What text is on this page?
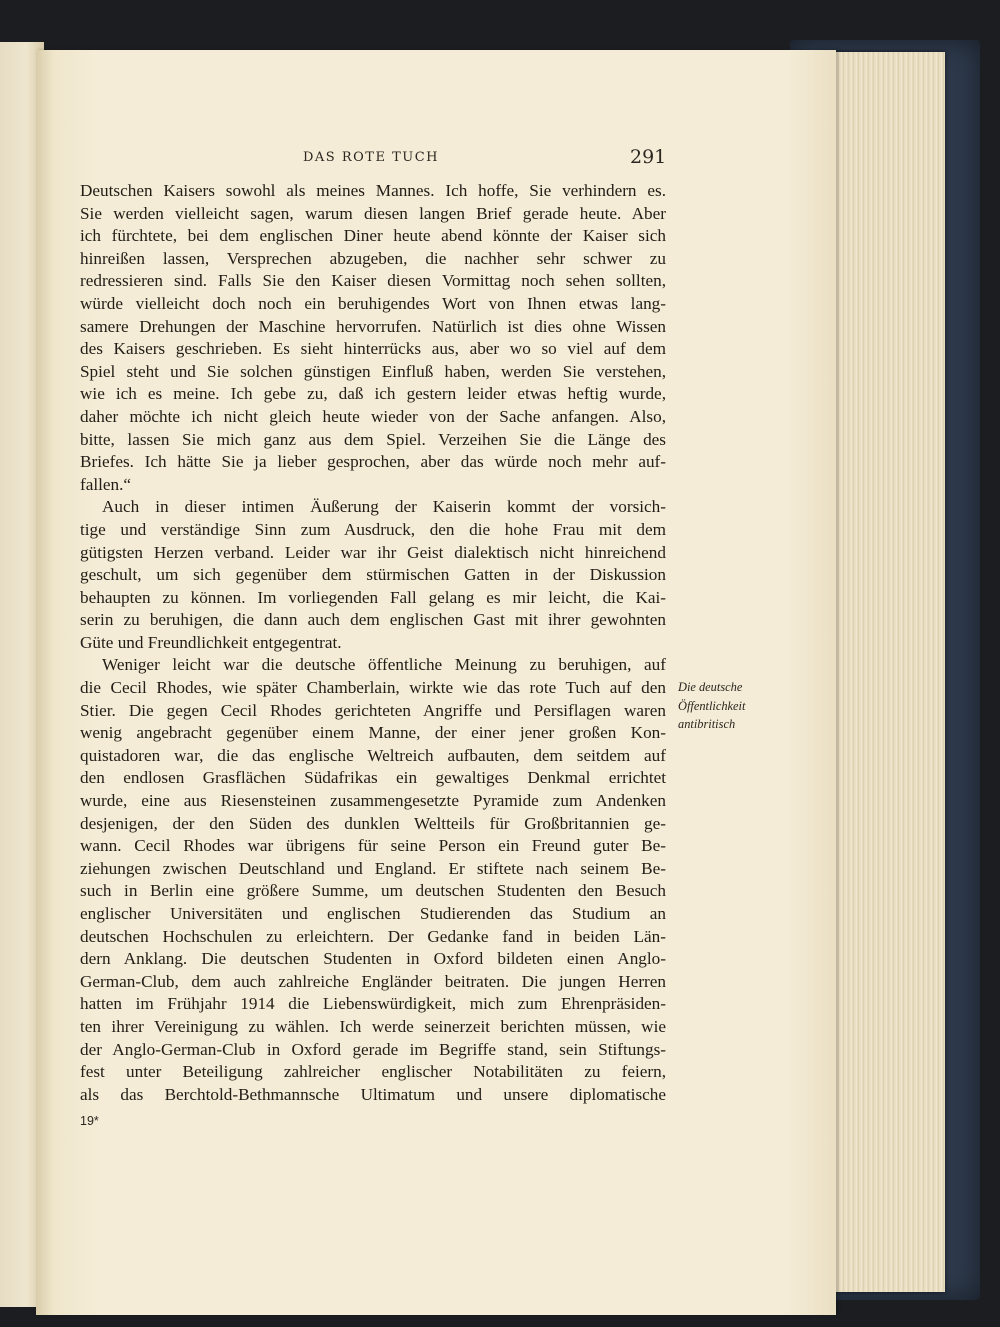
DAS ROTE TUCH	291
Deutschen Kaisers sowohl als meines Mannes. Ich hoffe, Sie verhindern es.
Sie werden vielleicht sagen, warum diesen langen Brief gerade heute. Aber
ich fürchtete, bei dem englischen Diner heute abend könnte der Kaiser sich
hinreißen lassen, Versprechen abzugeben, die nachher sehr schwer zu
redressieren sind. Falls Sie den Kaiser diesen Vormittag noch sehen sollten,
würde vielleicht doch noch ein beruhigendes Wort von Ihnen etwas lang-
samere Drehungen der Maschine hervorrufen. Natürlich ist dies ohne Wissen
des Kaisers geschrieben. Es sieht hinterrücks aus, aber wo so viel auf dem
Spiel steht und Sie solchen günstigen Einfluß haben, werden Sie verstehen,
wie ich es meine. Ich gebe zu, daß ich gestern leider etwas heftig wurde,
daher möchte ich nicht gleich heute wieder von der Sache anfangen. Also,
bitte, lassen Sie mich ganz aus dem Spiel. Verzeihen Sie die Länge des
Briefes. Ich hätte Sie ja lieber gesprochen, aber das würde noch mehr auf-
fallen.“
Auch in dieser intimen Äußerung der Kaiserin kommt der vorsich-
tige und verständige Sinn zum Ausdruck, den die hohe Frau mit dem
gütigsten Herzen verband. Leider war ihr Geist dialektisch nicht hinreichend
geschult, um sich gegenüber dem stürmischen Gatten in der Diskussion
behaupten zu können. Im vorliegenden Fall gelang es mir leicht, die Kai-
serin zu beruhigen, die dann auch dem englischen Gast mit ihrer gewohnten
Güte und Freundlichkeit entgegentrat.
Weniger leicht war die deutsche öffentliche Meinung zu beruhigen, auf
die Cecil Rhodes, wie später Chamberlain, wirkte wie das rote Tuch auf den
Stier. Die gegen Cecil Rhodes gerichteten Angriffe und Persiflagen waren
wenig angebracht gegenüber einem Manne, der einer jener großen Kon-
quistadoren war, die das englische Weltreich aufbauten, dem seitdem auf
den endlosen Grasflächen Südafrikas ein gewaltiges Denkmal errichtet
wurde, eine aus Riesensteinen zusammengesetzte Pyramide zum Andenken
desjenigen, der den Süden des dunklen Weltteils für Großbritannien ge-
wann. Cecil Rhodes war übrigens für seine Person ein Freund guter Be-
ziehungen zwischen Deutschland und England. Er stiftete nach seinem Be-
such in Berlin eine größere Summe, um deutschen Studenten den Besuch
englischer Universitäten und englischen Studierenden das Studium an
deutschen Hochschulen zu erleichtern. Der Gedanke fand in beiden Län-
dern Anklang. Die deutschen Studenten in Oxford bildeten einen Anglo-
German-Club, dem auch zahlreiche Engländer beitraten. Die jungen Herren
hatten im Frühjahr 1914 die Liebenswürdigkeit, mich zum Ehrenpräsiden-
ten ihrer Vereinigung zu wählen. Ich werde seinerzeit berichten müssen, wie
der Anglo-German-Club in Oxford gerade im Begriffe stand, sein Stiftungs-
fest unter Beteiligung zahlreicher englischer Notabilitäten zu feiern,
als das Berchtold-Bethmannsche Ultimatum und unsere diplomatische
Die deutsche
Öffentlichkeit
antibritisch
19*
